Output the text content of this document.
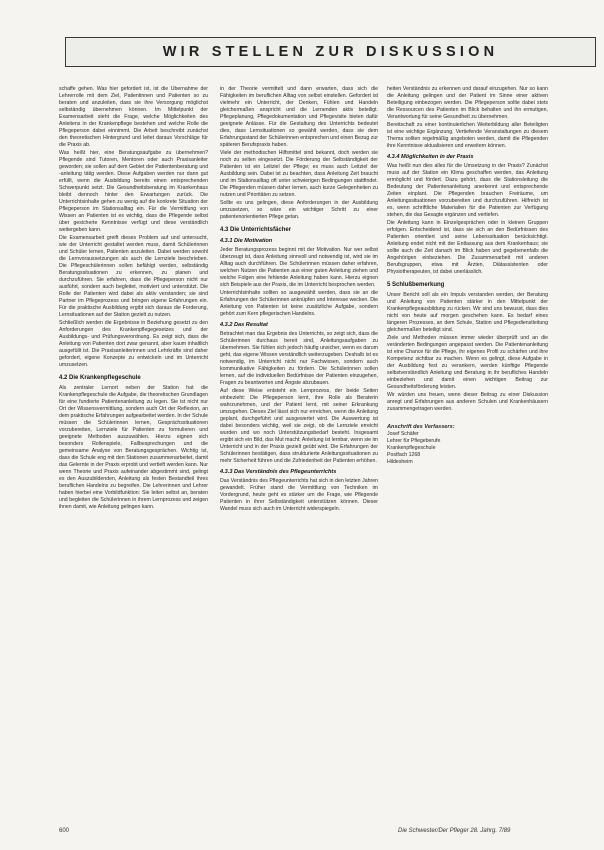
WIR STELLEN ZUR DISKUSSION

schaffe gehen. Was hier gefordert ist, ist die Übernahme der Lehrerrolle mit dem Ziel, Patientinnen und Patienten so zu beraten und anzuleiten, dass sie ihre Versorgung möglichst selbständig übernehmen können. Im Mittelpunkt der Examensarbeit steht die Frage, welche Möglichkeiten des Anleitens in der Krankenpflege bestehen und welche Rolle die Pflegeperson dabei einnimmt. Die Arbeit beschreibt zunächst den theoretischen Hintergrund und leitet daraus Vorschläge für die Praxis ab.

Was heißt hier, eine Beratungsaufgabe zu übernehmen? Pflegende sind Tutoren, Mentoren oder auch Praxisanleiter geworden; sie sollen auf dem Gebiet der Patientenberatung und -anleitung tätig werden. Diese Aufgaben werden nur dann gut erfüllt, wenn die Ausbildung bereits einen entsprechenden Schwerpunkt setzt. Die Gesundheitsberatung im Krankenhaus bleibt dennoch hinter den Erwartungen zurück. Die Unterrichtsinhalte gehen zu wenig auf die konkrete Situation der Pflegeperson im Stationsalltag ein. Für die Vermittlung von Wissen an Patienten ist es wichtig, dass die Pflegende selbst über gesicherte Kenntnisse verfügt und diese verständlich weitergeben kann.

Die Examensarbeit greift dieses Problem auf und untersucht, wie der Unterricht gestaltet werden muss, damit Schülerinnen und Schüler lernen, Patienten anzuleiten. Dabei werden sowohl die Lernvoraussetzungen als auch die Lernziele beschrieben. Die Pflegeschülerinnen sollen befähigt werden, selbständig Beratungssituationen zu erkennen, zu planen und durchzuführen. Sie erfahren, dass die Pflegeperson nicht nur ausführt, sondern auch begleitet, motiviert und unterstützt. Die Rolle der Patienten wird dabei als aktiv verstanden; sie sind Partner im Pflegeprozess und bringen eigene Erfahrungen ein. Für die praktische Ausbildung ergibt sich daraus die Forderung, Lernsituationen auf der Station gezielt zu nutzen.

Schließlich werden die Ergebnisse in Beziehung gesetzt zu den Anforderungen des Krankenpflegegesetzes und der Ausbildungs- und Prüfungsverordnung. Es zeigt sich, dass die Anleitung von Patienten dort zwar genannt, aber kaum inhaltlich ausgefüllt ist. Die Praxisanleiterinnen und Lehrkräfte sind daher gefordert, eigene Konzepte zu entwickeln und im Unterricht umzusetzen.

4.2 Die Krankenpflegeschule

Als zentraler Lernort neben der Station hat die Krankenpflegeschule die Aufgabe, die theoretischen Grundlagen für eine fundierte Patientenanleitung zu legen. Sie ist nicht nur Ort der Wissensvermittlung, sondern auch Ort der Reflexion, an dem praktische Erfahrungen aufgearbeitet werden. In der Schule müssen die Schülerinnen lernen, Gesprächssituationen vorzubereiten, Lernziele für Patienten zu formulieren und geeignete Methoden auszuwählen. Hierzu eignen sich besonders Rollenspiele, Fallbesprechungen und die gemeinsame Analyse von Beratungsgesprächen. Wichtig ist, dass die Schule eng mit den Stationen zusammenarbeitet, damit das Gelernte in der Praxis erprobt und vertieft werden kann. Nur wenn Theorie und Praxis aufeinander abgestimmt sind, gelingt es den Auszubildenden, Anleitung als festen Bestandteil ihres beruflichen Handelns zu begreifen. Die Lehrerinnen und Lehrer haben hierbei eine Vorbildfunktion: Sie leiten selbst an, beraten und begleiten die Schülerinnen in ihrem Lernprozess und zeigen ihnen damit, wie Anleitung gelingen kann.

in der Theorie vermittelt und dann erwarten, dass sich die Fähigkeiten im beruflichen Alltag von selbst einstellen. Gefordert ist vielmehr ein Unterricht, der Denken, Fühlen und Handeln gleichermaßen anspricht und die Lernenden aktiv beteiligt. Pflegeplanung, Pflegedokumentation und Pflegevisite bieten dafür geeignete Anlässe. Für die Gestaltung des Unterrichts bedeutet dies, dass Lernsituationen so gewählt werden, dass sie dem Erfahrungsstand der Schülerinnen entsprechen und einen Bezug zur späteren Berufspraxis haben.

Viele der methodischen Hilfsmittel sind bekannt, doch werden sie noch zu selten eingesetzt. Die Förderung der Selbständigkeit der Patienten ist ein Leitziel der Pflege; es muss auch Leitziel der Ausbildung sein. Dabei ist zu beachten, dass Anleitung Zeit braucht und im Stationsalltag oft unter schwierigen Bedingungen stattfindet. Die Pflegenden müssen daher lernen, auch kurze Gelegenheiten zu nutzen und Prioritäten zu setzen.

Sollte es uns gelingen, diese Anforderungen in der Ausbildung umzusetzen, so wäre ein wichtiger Schritt zu einer patientenorientierten Pflege getan.

4.3 Die Unterrichtsfächer
4.3.1 Die Motivation

Jeder Beratungsprozess beginnt mit der Motivation. Nur wer selbst überzeugt ist, dass Anleitung sinnvoll und notwendig ist, wird sie im Alltag auch durchführen. Die Schülerinnen müssen daher erfahren, welchen Nutzen die Patienten aus einer guten Anleitung ziehen und welche Folgen eine fehlende Anleitung haben kann. Hierzu eignen sich Beispiele aus der Praxis, die im Unterricht besprochen werden.

Unterrichtsinhalte sollten so ausgewählt werden, dass sie an die Erfahrungen der Schülerinnen anknüpfen und Interesse wecken. Die Anleitung von Patienten ist keine zusätzliche Aufgabe, sondern gehört zum Kern pflegerischen Handelns.

4.3.2 Das Resultat

Betrachtet man das Ergebnis des Unterrichts, so zeigt sich, dass die Schülerinnen durchaus bereit sind, Anleitungsaufgaben zu übernehmen. Sie fühlen sich jedoch häufig unsicher, wenn es darum geht, das eigene Wissen verständlich weiterzugeben. Deshalb ist es notwendig, im Unterricht nicht nur Fachwissen, sondern auch kommunikative Fähigkeiten zu fördern. Die Schülerinnen sollen lernen, auf die individuellen Bedürfnisse der Patienten einzugehen, Fragen zu beantworten und Ängste abzubauen.

Auf diese Weise entsteht ein Lernprozess, der beide Seiten einbezieht: Die Pflegeperson lernt, ihre Rolle als Beraterin wahrzunehmen, und der Patient lernt, mit seiner Erkrankung umzugehen. Dieses Ziel lässt sich nur erreichen, wenn die Anleitung geplant, durchgeführt und ausgewertet wird. Die Auswertung ist dabei besonders wichtig, weil sie zeigt, ob die Lernziele erreicht wurden und wo noch Unterstützungsbedarf besteht. Insgesamt ergibt sich ein Bild, das Mut macht: Anleitung ist lernbar, wenn sie im Unterricht und in der Praxis gezielt geübt wird. Die Erfahrungen der Schülerinnen bestätigen, dass strukturierte Anleitungssituationen zu mehr Sicherheit führen und die Zufriedenheit der Patienten erhöhen.

4.3.3 Das Verständnis des Pflegeunterrichts

Das Verständnis des Pflegeunterrichts hat sich in den letzten Jahren gewandelt. Früher stand die Vermittlung von Techniken im Vordergrund, heute geht es stärker um die Frage, wie Pflegende Patienten in ihrer Selbständigkeit unterstützen können. Dieser Wandel muss sich auch im Unterricht widerspiegeln.

heiten Verständnis zu erkennen und darauf einzugehen. Nur so kann die Anleitung gelingen und der Patient im Sinne einer aktiven Beteiligung einbezogen werden. Die Pflegeperson sollte dabei stets die Ressourcen des Patienten im Blick behalten und ihn ermutigen, Verantwortung für seine Gesundheit zu übernehmen.

Bereitschaft zu einer kontinuierlichen Weiterbildung aller Beteiligten ist eine wichtige Ergänzung. Vertiefende Veranstaltungen zu diesem Thema sollten regelmäßig angeboten werden, damit die Pflegenden ihre Kenntnisse aktualisieren und erweitern können.

4.3.4 Möglichkeiten in der Praxis

Was heißt nun dies alles für die Umsetzung in der Praxis? Zunächst muss auf der Station ein Klima geschaffen werden, das Anleitung ermöglicht und fördert. Dazu gehört, dass die Stationsleitung die Bedeutung der Patientenanleitung anerkennt und entsprechende Zeiten einplant. Die Pflegenden brauchen Freiräume, um Anleitungssituationen vorzubereiten und durchzuführen. Hilfreich ist es, wenn schriftliche Materialien für die Patienten zur Verfügung stehen, die das Gesagte ergänzen und vertiefen.

Die Anleitung kann in Einzelgesprächen oder in kleinen Gruppen erfolgen. Entscheidend ist, dass sie sich an den Bedürfnissen des Patienten orientiert und seine Lebenssituation berücksichtigt. Anleitung endet nicht mit der Entlassung aus dem Krankenhaus; sie sollte auch die Zeit danach im Blick haben und gegebenenfalls die Angehörigen einbeziehen. Die Zusammenarbeit mit anderen Berufsgruppen, etwa mit Ärzten, Diätassistenten oder Physiotherapeuten, ist dabei unerlässlich.

5 Schlußbemerkung

Unser Bericht soll als ein Impuls verstanden werden, der Beratung und Anleitung von Patienten stärker in den Mittelpunkt der Krankenpflegeausbildung zu rücken. Wir sind uns bewusst, dass dies nicht von heute auf morgen geschehen kann. Es bedarf eines längeren Prozesses, an dem Schule, Station und Pflegedienstleitung gleichermaßen beteiligt sind.

Ziele und Methoden müssen immer wieder überprüft und an die veränderten Bedingungen angepasst werden. Die Patientenanleitung ist eine Chance für die Pflege, ihr eigenes Profil zu schärfen und ihre Kompetenz sichtbar zu machen. Wenn es gelingt, diese Aufgabe in der Ausbildung fest zu verankern, werden künftige Pflegende selbstverständlich Anleitung und Beratung in ihr berufliches Handeln einbeziehen und damit einen wichtigen Beitrag zur Gesundheitsförderung leisten.

Wir würden uns freuen, wenn dieser Beitrag zu einer Diskussion anregt und Erfahrungen aus anderen Schulen und Krankenhäusern zusammengetragen werden.

Anschrift des Verfassers:
Josef Schäfer
Lehrer für Pflegeberufe
Krankenpflegeschule
Postfach 1268
Hildesheim
600	Die Schwester/Der Pfleger 28. Jahrg. 7/89
